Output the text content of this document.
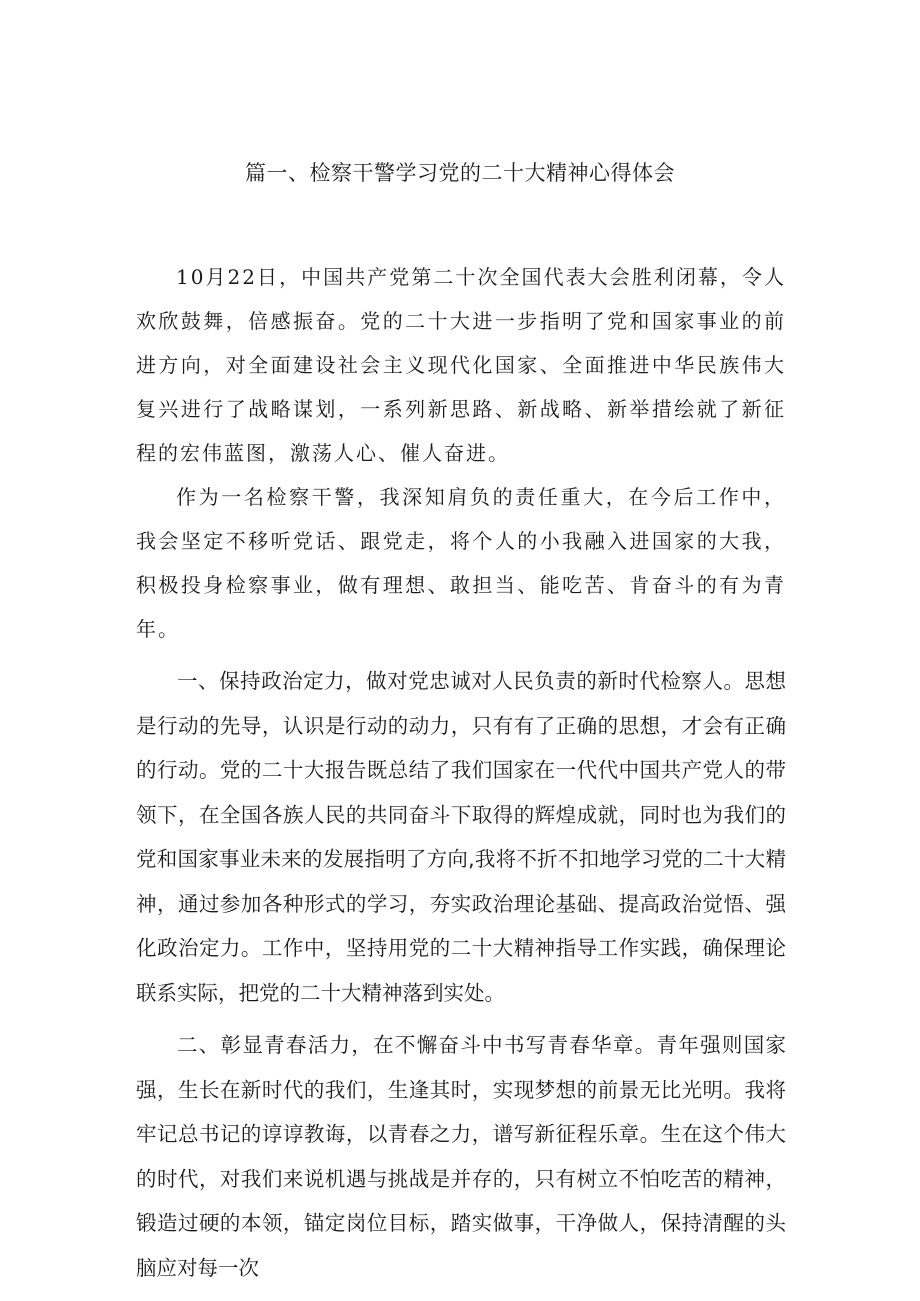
篇一、检察干警学习党的二十大精神心得体会

10月22日，中国共产党第二十次全国代表大会胜利闭幕，令人欢欣鼓舞，倍感振奋。党的二十大进一步指明了党和国家事业的前进方向，对全面建设社会主义现代化国家、全面推进中华民族伟大复兴进行了战略谋划，一系列新思路、新战略、新举措绘就了新征程的宏伟蓝图，激荡人心、催人奋进。

作为一名检察干警，我深知肩负的责任重大，在今后工作中，我会坚定不移听党话、跟党走，将个人的小我融入进国家的大我，积极投身检察事业，做有理想、敢担当、能吃苦、肯奋斗的有为青年。

一、保持政治定力，做对党忠诚对人民负责的新时代检察人。思想是行动的先导，认识是行动的动力，只有有了正确的思想，才会有正确的行动。党的二十大报告既总结了我们国家在一代代中国共产党人的带领下，在全国各族人民的共同奋斗下取得的辉煌成就，同时也为我们的党和国家事业未来的发展指明了方向,我将不折不扣地学习党的二十大精神，通过参加各种形式的学习，夯实政治理论基础、提高政治觉悟、强化政治定力。工作中，坚持用党的二十大精神指导工作实践，确保理论联系实际，把党的二十大精神落到实处。

二、彰显青春活力，在不懈奋斗中书写青春华章。青年强则国家强，生长在新时代的我们，生逢其时，实现梦想的前景无比光明。我将牢记总书记的谆谆教诲，以青春之力，谱写新征程乐章。生在这个伟大的时代，对我们来说机遇与挑战是并存的，只有树立不怕吃苦的精神，锻造过硬的本领，锚定岗位目标，踏实做事，干净做人，保持清醒的头脑应对每一次
